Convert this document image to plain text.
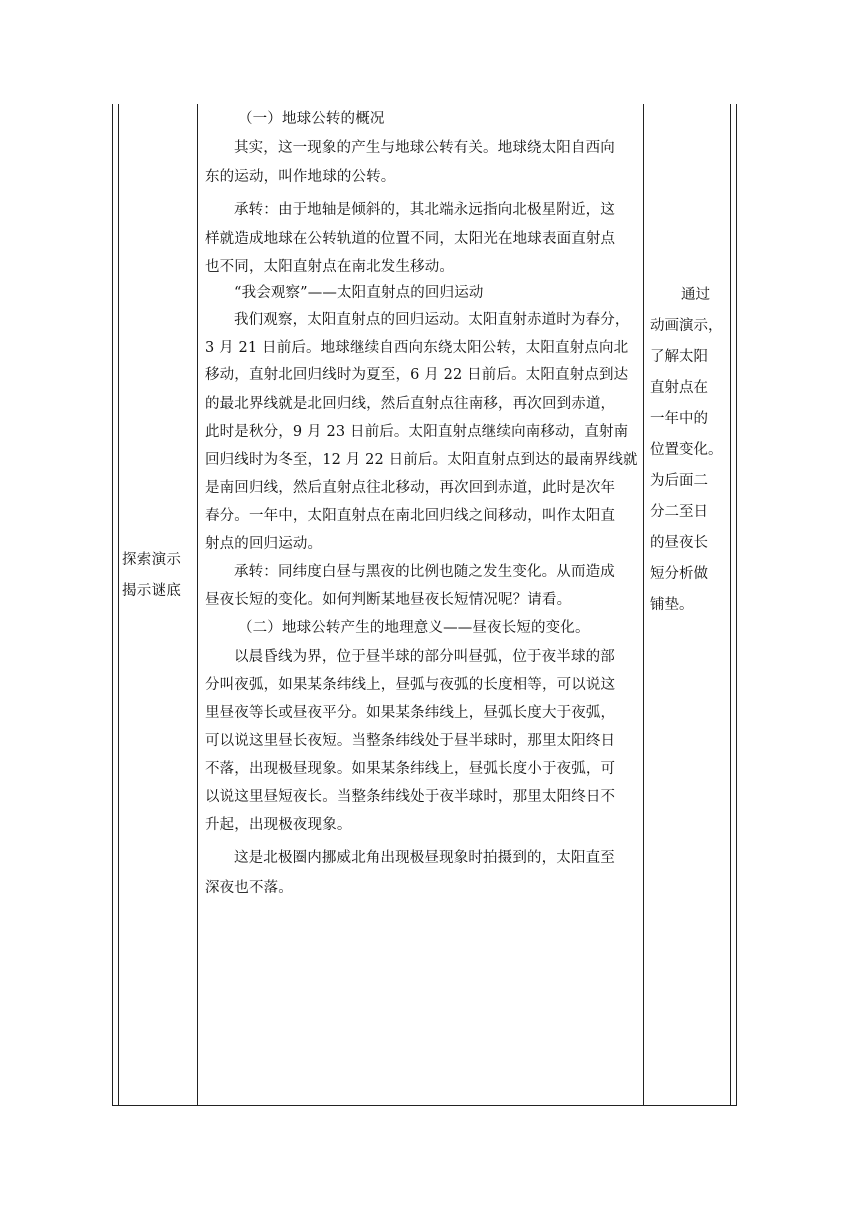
探索演示
揭示谜底
（一）地球公转的概况
其实，这一现象的产生与地球公转有关。地球绕太阳自西向
东的运动，叫作地球的公转。
承转：由于地轴是倾斜的，其北端永远指向北极星附近，这
样就造成地球在公转轨道的位置不同，太阳光在地球表面直射点
也不同，太阳直射点在南北发生移动。
“我会观察”——太阳直射点的回归运动
我们观察，太阳直射点的回归运动。太阳直射赤道时为春分，
3 月 21 日前后。地球继续自西向东绕太阳公转，太阳直射点向北
移动，直射北回归线时为夏至，6 月 22 日前后。太阳直射点到达
的最北界线就是北回归线，然后直射点往南移，再次回到赤道，
此时是秋分，9 月 23 日前后。太阳直射点继续向南移动，直射南
回归线时为冬至，12 月 22 日前后。太阳直射点到达的最南界线就
是南回归线，然后直射点往北移动，再次回到赤道，此时是次年
春分。一年中，太阳直射点在南北回归线之间移动，叫作太阳直
射点的回归运动。
承转：同纬度白昼与黑夜的比例也随之发生变化。从而造成
昼夜长短的变化。如何判断某地昼夜长短情况呢？请看。
（二）地球公转产生的地理意义——昼夜长短的变化。
以晨昏线为界，位于昼半球的部分叫昼弧，位于夜半球的部
分叫夜弧，如果某条纬线上，昼弧与夜弧的长度相等，可以说这
里昼夜等长或昼夜平分。如果某条纬线上，昼弧长度大于夜弧，
可以说这里昼长夜短。当整条纬线处于昼半球时，那里太阳终日
不落，出现极昼现象。如果某条纬线上，昼弧长度小于夜弧，可
以说这里昼短夜长。当整条纬线处于夜半球时，那里太阳终日不
升起，出现极夜现象。
这是北极圈内挪威北角出现极昼现象时拍摄到的，太阳直至
深夜也不落。
通过
动画演示，
了解太阳
直射点在
一年中的
位置变化。
为后面二
分二至日
的昼夜长
短分析做
铺垫。
